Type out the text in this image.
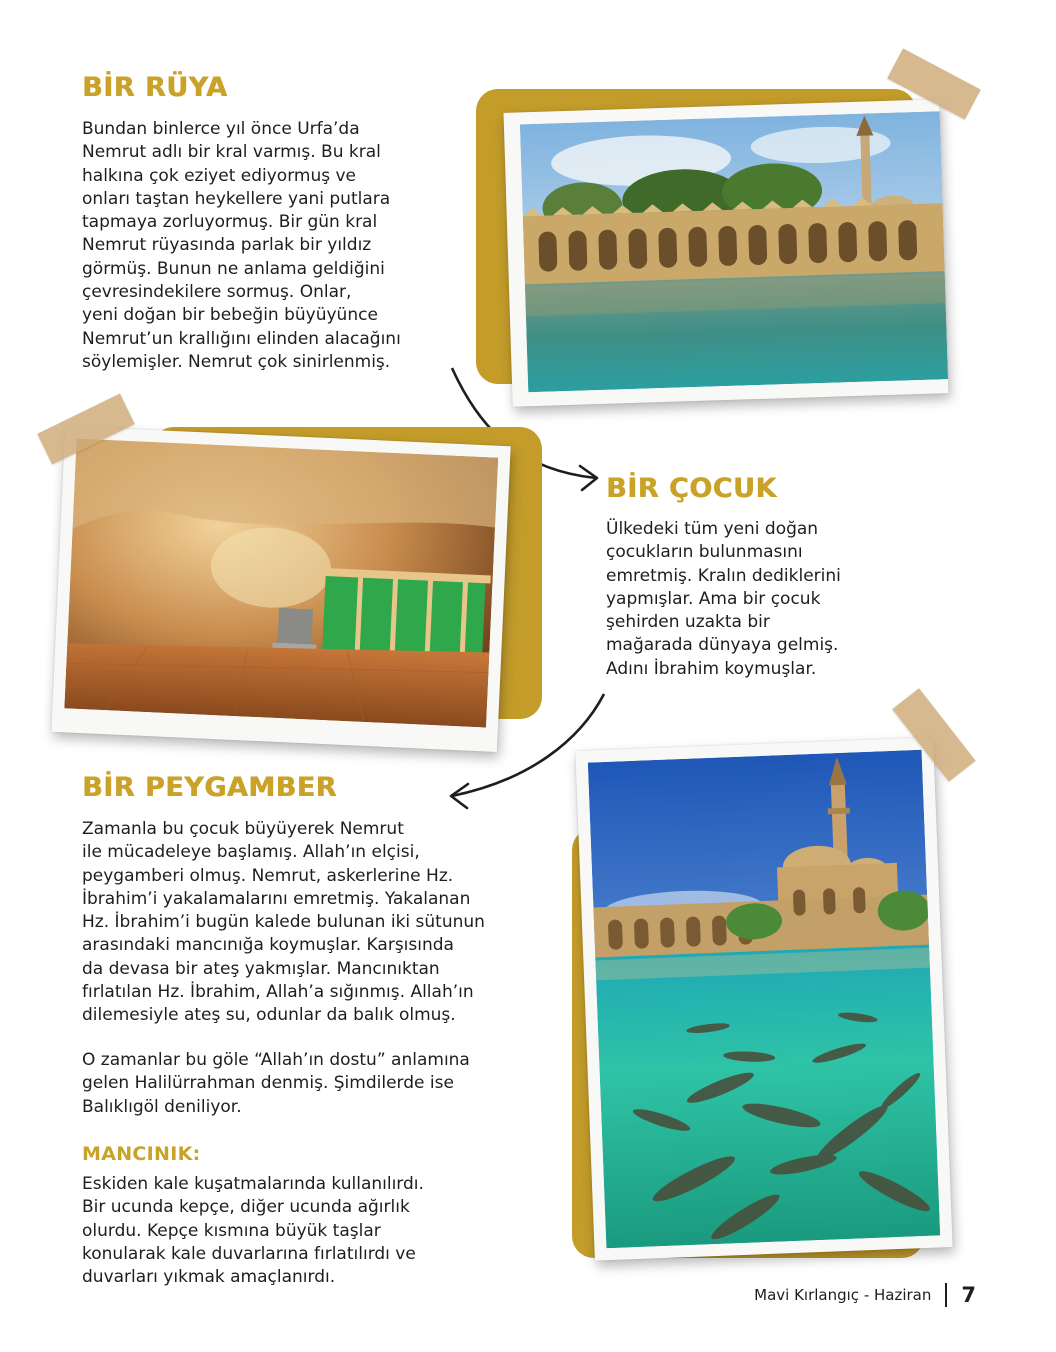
BİR RÜYA

Bundan binlerce yıl önce Urfa’da
Nemrut adlı bir kral varmış. Bu kral
halkına çok eziyet ediyormuş ve
onları taştan heykellere yani putlara
tapmaya zorluyormuş. Bir gün kral
Nemrut rüyasında parlak bir yıldız
görmüş. Bunun ne anlama geldiğini
çevresindekilere sormuş. Onlar,
yeni doğan bir bebeğin büyüyünce
Nemrut’un krallığını elinden alacağını
söylemişler. Nemrut çok sinirlenmiş.

BİR ÇOCUK

Ülkedeki tüm yeni doğan
çocukların bulunmasını
emretmiş. Kralın dediklerini
yapmışlar. Ama bir çocuk
şehirden uzakta bir
mağarada dünyaya gelmiş.
Adını İbrahim koymuşlar.

BİR PEYGAMBER

Zamanla bu çocuk büyüyerek Nemrut
ile mücadeleye başlamış. Allah’ın elçisi,
peygamberi olmuş. Nemrut, askerlerine Hz.
İbrahim’i yakalamalarını emretmiş. Yakalanan
Hz. İbrahim’i bugün kalede bulunan iki sütunun
arasındaki mancınığa koymuşlar. Karşısında
da devasa bir ateş yakmışlar. Mancınıktan
fırlatılan Hz. İbrahim, Allah’a sığınmış. Allah’ın
dilemesiyle ateş su, odunlar da balık olmuş.

O zamanlar bu göle “Allah’ın dostu” anlamına
gelen Halilürrahman denmiş. Şimdilerde ise
Balıklıgöl deniliyor.

MANCINIK:

Eskiden kale kuşatmalarında kullanılırdı.
Bir ucunda kepçe, diğer ucunda ağırlık
olurdu. Kepçe kısmına büyük taşlar
konularak kale duvarlarına fırlatılırdı ve
duvarları yıkmak amaçlanırdı.

Mavi Kırlangıç - Haziran 7
